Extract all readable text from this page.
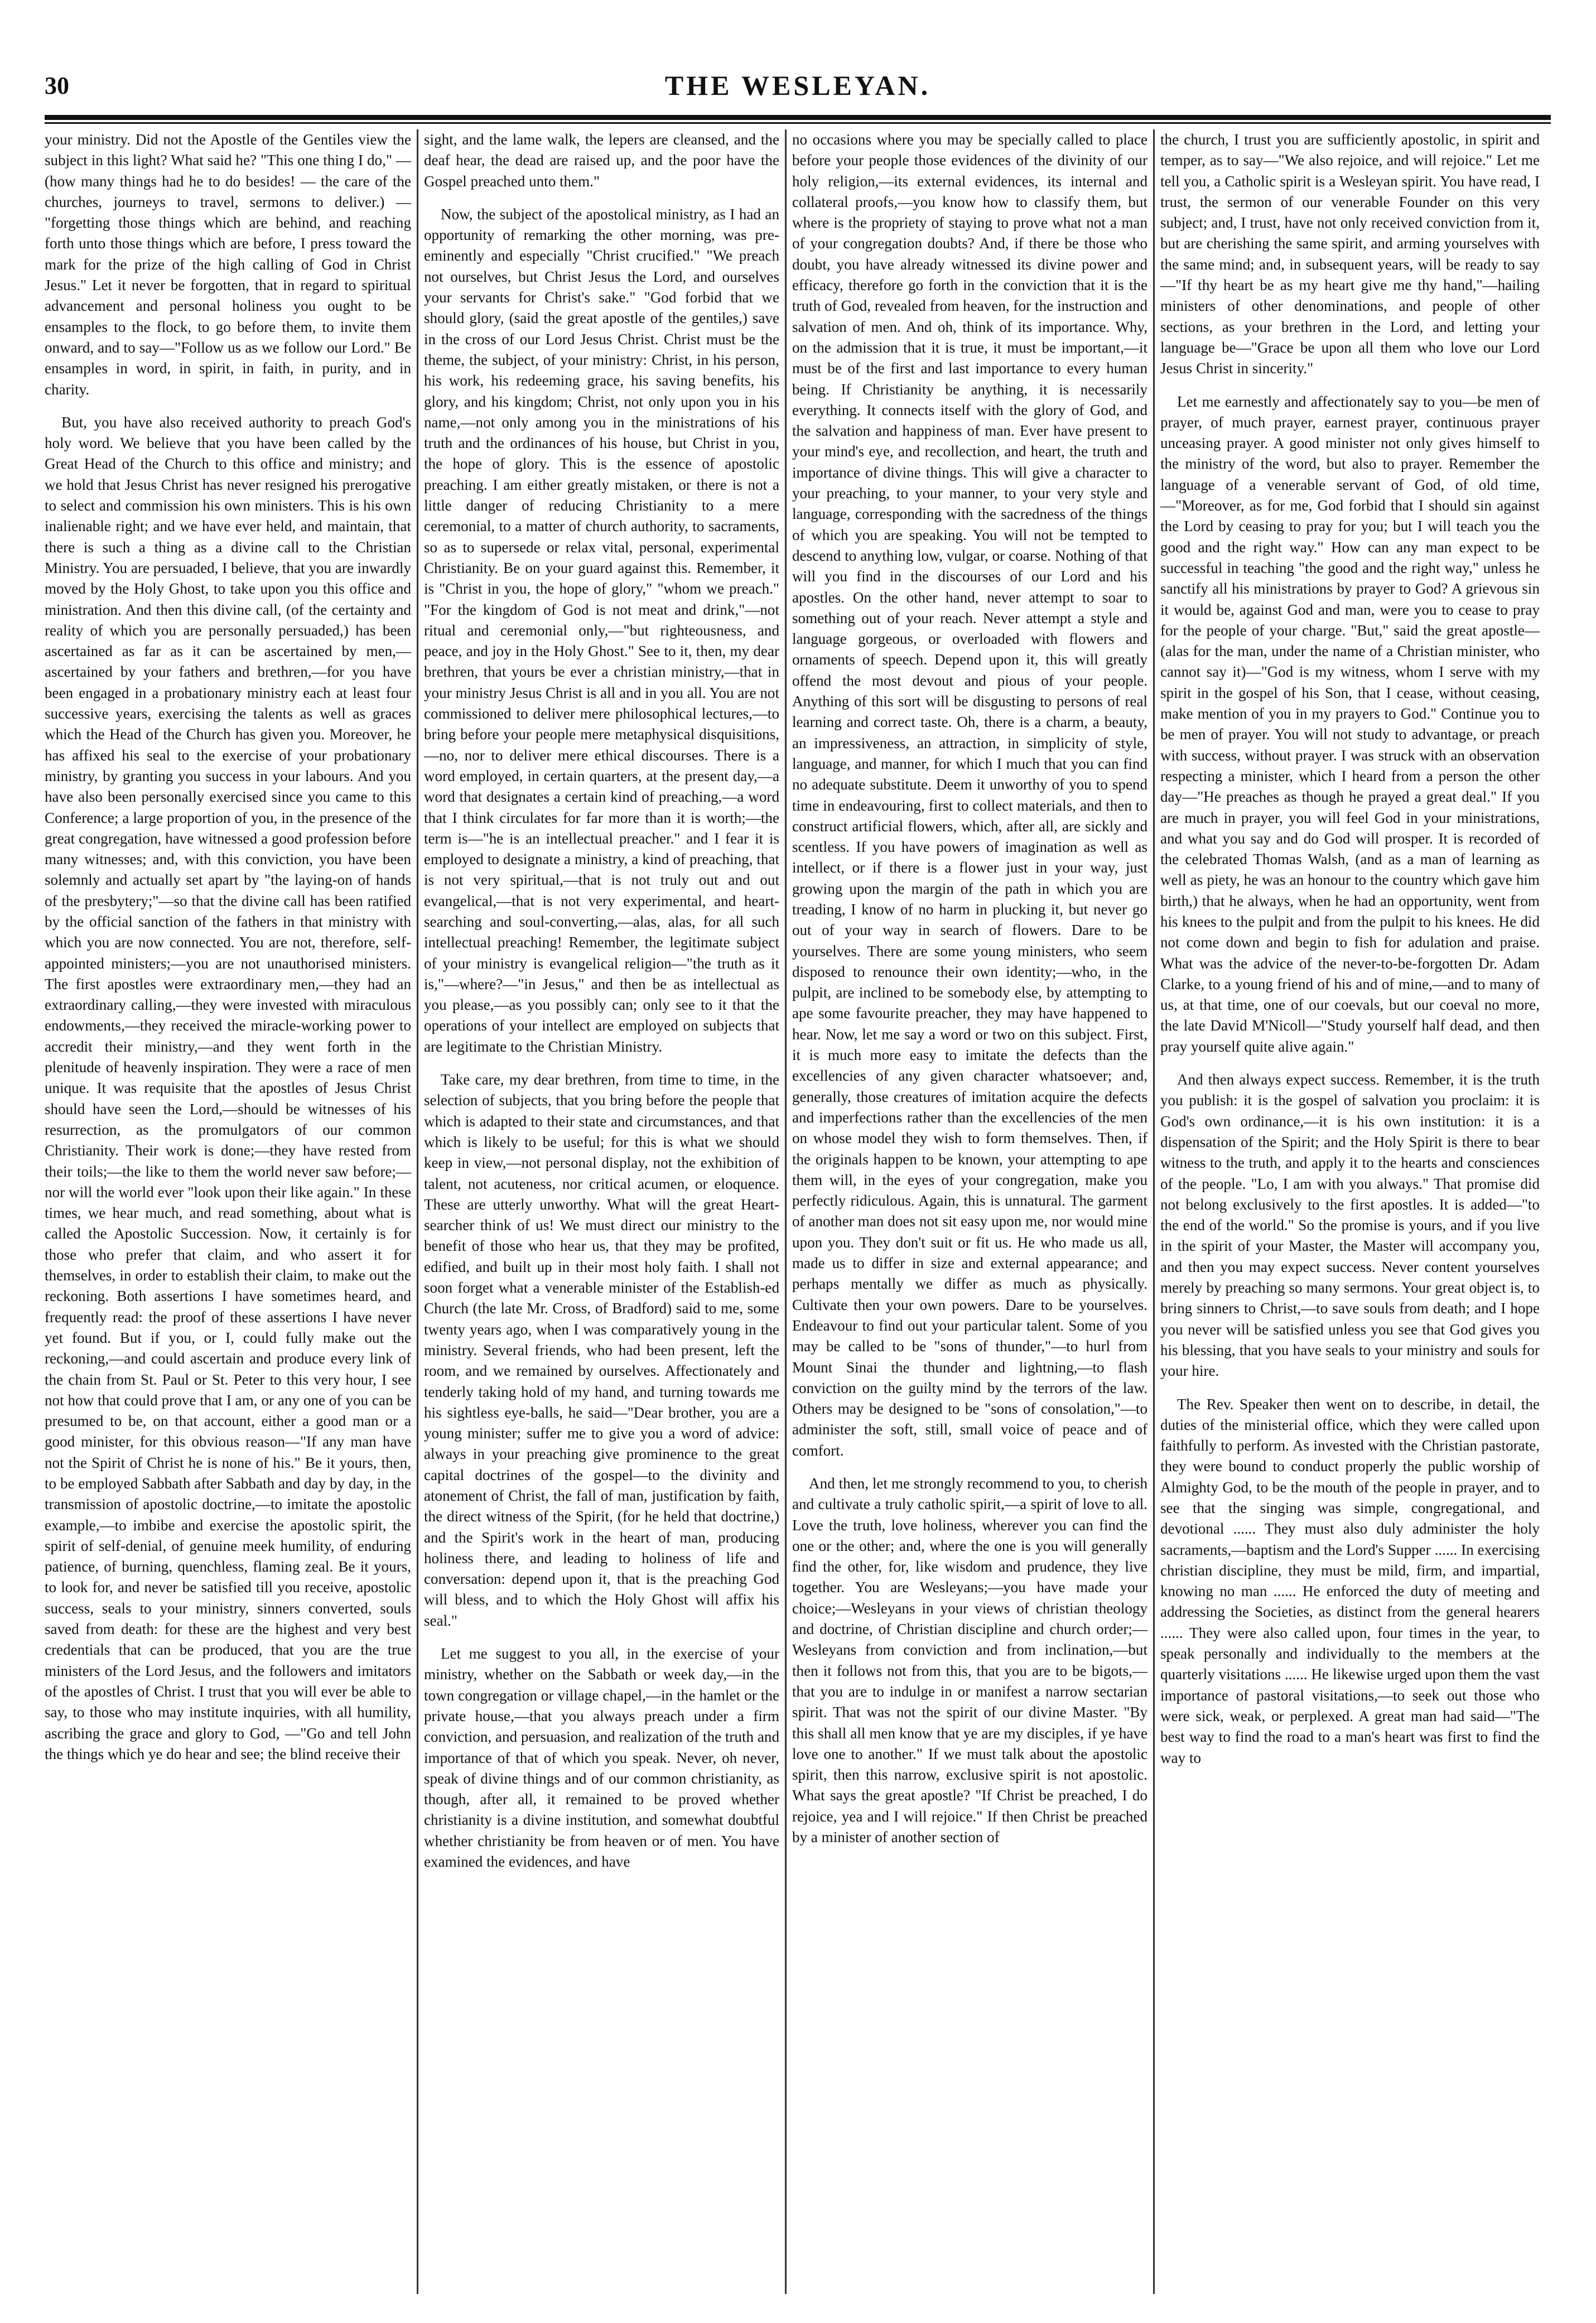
30	THE WESLEYAN.

your ministry. Did not the Apostle of the Gentiles view the subject in this light? What said he? "This one thing I do," — (how many things had he to do besides! — the care of the churches, journeys to travel, sermons to deliver.) — "forgetting those things which are behind, and reaching forth unto those things which are before, I press toward the mark for the prize of the high calling of God in Christ Jesus." Let it never be forgotten, that in regard to spiritual advancement and personal holiness you ought to be ensamples to the flock, to go before them, to invite them onward, and to say—"Follow us as we follow our Lord." Be ensamples in word, in spirit, in faith, in purity, and in charity.

But, you have also received authority to preach God's holy word. We believe that you have been called by the Great Head of the Church to this office and ministry; and we hold that Jesus Christ has never resigned his prerogative to select and commission his own ministers. This is his own inalienable right; and we have ever held, and maintain, that there is such a thing as a divine call to the Christian Ministry. You are persuaded, I believe, that you are inwardly moved by the Holy Ghost, to take upon you this office and ministration. And then this divine call, (of the certainty and reality of which you are personally persuaded,) has been ascertained as far as it can be ascertained by men,—ascertained by your fathers and brethren,—for you have been engaged in a probationary ministry each at least four successive years, exercising the talents as well as graces which the Head of the Church has given you. Moreover, he has affixed his seal to the exercise of your probationary ministry, by granting you success in your labours. And you have also been personally exercised since you came to this Conference; a large proportion of you, in the presence of the great congregation, have witnessed a good profession before many witnesses; and, with this conviction, you have been solemnly and actually set apart by "the laying-on of hands of the presbytery;"—so that the divine call has been ratified by the official sanction of the fathers in that ministry with which you are now connected. You are not, therefore, self-appointed ministers;—you are not unauthorised ministers. The first apostles were extraordinary men,—they had an extraordinary calling,—they were invested with miraculous endowments,—they received the miracle-working power to accredit their ministry,—and they went forth in the plenitude of heavenly inspiration. They were a race of men unique. It was requisite that the apostles of Jesus Christ should have seen the Lord,—should be witnesses of his resurrection, as the promulgators of our common Christianity. Their work is done;—they have rested from their toils;—the like to them the world never saw before;—nor will the world ever "look upon their like again." In these times, we hear much, and read something, about what is called the Apostolic Succession. Now, it certainly is for those who prefer that claim, and who assert it for themselves, in order to establish their claim, to make out the reckoning. Both assertions I have sometimes heard, and frequently read: the proof of these assertions I have never yet found. But if you, or I, could fully make out the reckoning,—and could ascertain and produce every link of the chain from St. Paul or St. Peter to this very hour, I see not how that could prove that I am, or any one of you can be presumed to be, on that account, either a good man or a good minister, for this obvious reason—"If any man have not the Spirit of Christ he is none of his." Be it yours, then, to be employed Sabbath after Sabbath and day by day, in the transmission of apostolic doctrine,—to imitate the apostolic example,—to imbibe and exercise the apostolic spirit, the spirit of self-denial, of genuine meek humility, of enduring patience, of burning, quenchless, flaming zeal. Be it yours, to look for, and never be satisfied till you receive, apostolic success, seals to your ministry, sinners converted, souls saved from death: for these are the highest and very best credentials that can be produced, that you are the true ministers of the Lord Jesus, and the followers and imitators of the apostles of Christ. I trust that you will ever be able to say, to those who may institute inquiries, with all humility, ascribing the grace and glory to God, —"Go and tell John the things which ye do hear and see; the blind receive their

sight, and the lame walk, the lepers are cleansed, and the deaf hear, the dead are raised up, and the poor have the Gospel preached unto them."

Now, the subject of the apostolical ministry, as I had an opportunity of remarking the other morning, was pre-eminently and especially "Christ crucified." "We preach not ourselves, but Christ Jesus the Lord, and ourselves your servants for Christ's sake." "God forbid that we should glory, (said the great apostle of the gentiles,) save in the cross of our Lord Jesus Christ. Christ must be the theme, the subject, of your ministry: Christ, in his person, his work, his redeeming grace, his saving benefits, his glory, and his kingdom; Christ, not only upon you in his name,—not only among you in the ministrations of his truth and the ordinances of his house, but Christ in you, the hope of glory. This is the essence of apostolic preaching. I am either greatly mistaken, or there is not a little danger of reducing Christianity to a mere ceremonial, to a matter of church authority, to sacraments, so as to supersede or relax vital, personal, experimental Christianity. Be on your guard against this. Remember, it is "Christ in you, the hope of glory," "whom we preach." "For the kingdom of God is not meat and drink,"—not ritual and ceremonial only,—"but righteousness, and peace, and joy in the Holy Ghost." See to it, then, my dear brethren, that yours be ever a christian ministry,—that in your ministry Jesus Christ is all and in you all. You are not commissioned to deliver mere philosophical lectures,—to bring before your people mere metaphysical disquisitions, —no, nor to deliver mere ethical discourses. There is a word employed, in certain quarters, at the present day,—a word that designates a certain kind of preaching,—a word that I think circulates for far more than it is worth;—the term is—"he is an intellectual preacher." and I fear it is employed to designate a ministry, a kind of preaching, that is not very spiritual,—that is not truly out and out evangelical,—that is not very experimental, and heart-searching and soul-converting,—alas, alas, for all such intellectual preaching! Remember, the legitimate subject of your ministry is evangelical religion—"the truth as it is,"—where?—"in Jesus," and then be as intellectual as you please,—as you possibly can; only see to it that the operations of your intellect are employed on subjects that are legitimate to the Christian Ministry.

Take care, my dear brethren, from time to time, in the selection of subjects, that you bring before the people that which is adapted to their state and circumstances, and that which is likely to be useful; for this is what we should keep in view,—not personal display, not the exhibition of talent, not acuteness, nor critical acumen, or eloquence. These are utterly unworthy. What will the great Heart-searcher think of us! We must direct our ministry to the benefit of those who hear us, that they may be profited, edified, and built up in their most holy faith. I shall not soon forget what a venerable minister of the Establish-ed Church (the late Mr. Cross, of Bradford) said to me, some twenty years ago, when I was comparatively young in the ministry. Several friends, who had been present, left the room, and we remained by ourselves. Affectionately and tenderly taking hold of my hand, and turning towards me his sightless eye-balls, he said—"Dear brother, you are a young minister; suffer me to give you a word of advice: always in your preaching give prominence to the great capital doctrines of the gospel—to the divinity and atonement of Christ, the fall of man, justification by faith, the direct witness of the Spirit, (for he held that doctrine,) and the Spirit's work in the heart of man, producing holiness there, and leading to holiness of life and conversation: depend upon it, that is the preaching God will bless, and to which the Holy Ghost will affix his seal."

Let me suggest to you all, in the exercise of your ministry, whether on the Sabbath or week day,—in the town congregation or village chapel,—in the hamlet or the private house,—that you always preach under a firm conviction, and persuasion, and realization of the truth and importance of that of which you speak. Never, oh never, speak of divine things and of our common christianity, as though, after all, it remained to be proved whether christianity is a divine institution, and somewhat doubtful whether christianity be from heaven or of men. You have examined the evidences, and have

no occasions where you may be specially called to place before your people those evidences of the divinity of our holy religion,—its external evidences, its internal and collateral proofs,—you know how to classify them, but where is the propriety of staying to prove what not a man of your congregation doubts? And, if there be those who doubt, you have already witnessed its divine power and efficacy, therefore go forth in the conviction that it is the truth of God, revealed from heaven, for the instruction and salvation of men. And oh, think of its importance. Why, on the admission that it is true, it must be important,—it must be of the first and last importance to every human being. If Christianity be anything, it is necessarily everything. It connects itself with the glory of God, and the salvation and happiness of man. Ever have present to your mind's eye, and recollection, and heart, the truth and importance of divine things. This will give a character to your preaching, to your manner, to your very style and language, corresponding with the sacredness of the things of which you are speaking. You will not be tempted to descend to anything low, vulgar, or coarse. Nothing of that will you find in the discourses of our Lord and his apostles. On the other hand, never attempt to soar to something out of your reach. Never attempt a style and language gorgeous, or overloaded with flowers and ornaments of speech. Depend upon it, this will greatly offend the most devout and pious of your people. Anything of this sort will be disgusting to persons of real learning and correct taste. Oh, there is a charm, a beauty, an impressiveness, an attraction, in simplicity of style, language, and manner, for which I much that you can find no adequate substitute. Deem it unworthy of you to spend time in endeavouring, first to collect materials, and then to construct artificial flowers, which, after all, are sickly and scentless. If you have powers of imagination as well as intellect, or if there is a flower just in your way, just growing upon the margin of the path in which you are treading, I know of no harm in plucking it, but never go out of your way in search of flowers. Dare to be yourselves. There are some young ministers, who seem disposed to renounce their own identity;—who, in the pulpit, are inclined to be somebody else, by attempting to ape some favourite preacher, they may have happened to hear. Now, let me say a word or two on this subject. First, it is much more easy to imitate the defects than the excellencies of any given character whatsoever; and, generally, those creatures of imitation acquire the defects and imperfections rather than the excellencies of the men on whose model they wish to form themselves. Then, if the originals happen to be known, your attempting to ape them will, in the eyes of your congregation, make you perfectly ridiculous. Again, this is unnatural. The garment of another man does not sit easy upon me, nor would mine upon you. They don't suit or fit us. He who made us all, made us to differ in size and external appearance; and perhaps mentally we differ as much as physically. Cultivate then your own powers. Dare to be yourselves. Endeavour to find out your particular talent. Some of you may be called to be "sons of thunder,"—to hurl from Mount Sinai the thunder and lightning,—to flash conviction on the guilty mind by the terrors of the law. Others may be designed to be "sons of consolation,"—to administer the soft, still, small voice of peace and of comfort.

And then, let me strongly recommend to you, to cherish and cultivate a truly catholic spirit,—a spirit of love to all. Love the truth, love holiness, wherever you can find the one or the other; and, where the one is you will generally find the other, for, like wisdom and prudence, they live together. You are Wesleyans;—you have made your choice;—Wesleyans in your views of christian theology and doctrine, of Christian discipline and church order;—Wesleyans from conviction and from inclination,—but then it follows not from this, that you are to be bigots,—that you are to indulge in or manifest a narrow sectarian spirit. That was not the spirit of our divine Master. "By this shall all men know that ye are my disciples, if ye have love one to another." If we must talk about the apostolic spirit, then this narrow, exclusive spirit is not apostolic. What says the great apostle? "If Christ be preached, I do rejoice, yea and I will rejoice." If then Christ be preached by a minister of another section of

the church, I trust you are sufficiently apostolic, in spirit and temper, as to say—"We also rejoice, and will rejoice." Let me tell you, a Catholic spirit is a Wesleyan spirit. You have read, I trust, the sermon of our venerable Founder on this very subject; and, I trust, have not only received conviction from it, but are cherishing the same spirit, and arming yourselves with the same mind; and, in subsequent years, will be ready to say—"If thy heart be as my heart give me thy hand,"—hailing ministers of other denominations, and people of other sections, as your brethren in the Lord, and letting your language be—"Grace be upon all them who love our Lord Jesus Christ in sincerity."

Let me earnestly and affectionately say to you—be men of prayer, of much prayer, earnest prayer, continuous prayer unceasing prayer. A good minister not only gives himself to the ministry of the word, but also to prayer. Remember the language of a venerable servant of God, of old time,—"Moreover, as for me, God forbid that I should sin against the Lord by ceasing to pray for you; but I will teach you the good and the right way." How can any man expect to be successful in teaching "the good and the right way," unless he sanctify all his ministrations by prayer to God? A grievous sin it would be, against God and man, were you to cease to pray for the people of your charge. "But," said the great apostle—(alas for the man, under the name of a Christian minister, who cannot say it)—"God is my witness, whom I serve with my spirit in the gospel of his Son, that I cease, without ceasing, make mention of you in my prayers to God." Continue you to be men of prayer. You will not study to advantage, or preach with success, without prayer. I was struck with an observation respecting a minister, which I heard from a person the other day—"He preaches as though he prayed a great deal." If you are much in prayer, you will feel God in your ministrations, and what you say and do God will prosper. It is recorded of the celebrated Thomas Walsh, (and as a man of learning as well as piety, he was an honour to the country which gave him birth,) that he always, when he had an opportunity, went from his knees to the pulpit and from the pulpit to his knees. He did not come down and begin to fish for adulation and praise. What was the advice of the never-to-be-forgotten Dr. Adam Clarke, to a young friend of his and of mine,—and to many of us, at that time, one of our coevals, but our coeval no more, the late David M'Nicoll—"Study yourself half dead, and then pray yourself quite alive again."

And then always expect success. Remember, it is the truth you publish: it is the gospel of salvation you proclaim: it is God's own ordinance,—it is his own institution: it is a dispensation of the Spirit; and the Holy Spirit is there to bear witness to the truth, and apply it to the hearts and consciences of the people. "Lo, I am with you always." That promise did not belong exclusively to the first apostles. It is added—"to the end of the world." So the promise is yours, and if you live in the spirit of your Master, the Master will accompany you, and then you may expect success. Never content yourselves merely by preaching so many sermons. Your great object is, to bring sinners to Christ,—to save souls from death; and I hope you never will be satisfied unless you see that God gives you his blessing, that you have seals to your ministry and souls for your hire.

The Rev. Speaker then went on to describe, in detail, the duties of the ministerial office, which they were called upon faithfully to perform. As invested with the Christian pastorate, they were bound to conduct properly the public worship of Almighty God, to be the mouth of the people in prayer, and to see that the singing was simple, congregational, and devotional ...... They must also duly administer the holy sacraments,—baptism and the Lord's Supper ...... In exercising christian discipline, they must be mild, firm, and impartial, knowing no man ...... He enforced the duty of meeting and addressing the Societies, as distinct from the general hearers ...... They were also called upon, four times in the year, to speak personally and individually to the members at the quarterly visitations ...... He likewise urged upon them the vast importance of pastoral visitations,—to seek out those who were sick, weak, or perplexed. A great man had said—"The best way to find the road to a man's heart was first to find the way to
